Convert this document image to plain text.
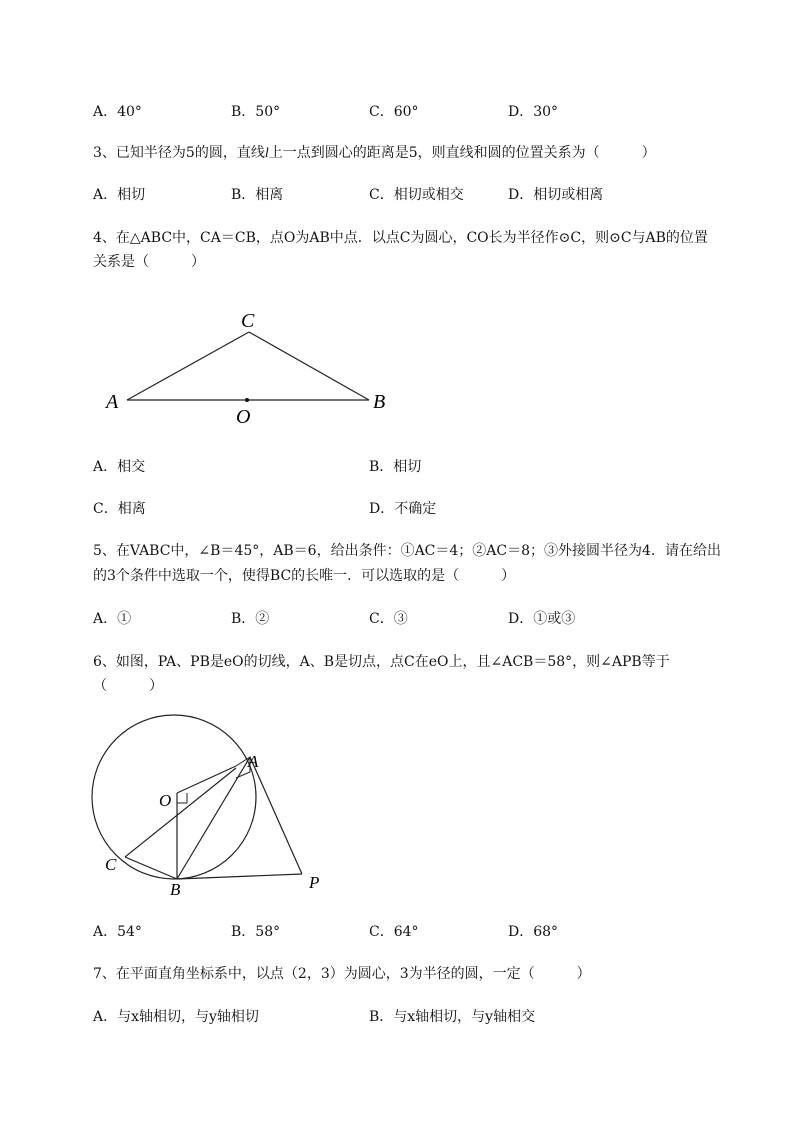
A．40°	B．50°	C．60°	D．30°
3、已知半径为5的圆，直线l上一点到圆心的距离是5，则直线和圆的位置关系为（　　　）
A．相切	B．相离	C．相切或相交	D．相切或相离
4、在△ABC中，CA＝CB，点O为AB中点．以点C为圆心，CO长为半径作⊙C，则⊙C与AB的位置
关系是（　　　）
C
A	B
O
A．相交	B．相切
C．相离	D．不确定
5、在VABC中，∠B＝45°，AB＝6，给出条件：①AC＝4；②AC＝8；③外接圆半径为4．请在给出
的3个条件中选取一个，使得BC的长唯一．可以选取的是（　　　）
A．①	B．②	C．③	D．①或③
6、如图，PA、PB是eO的切线，A、B是切点，点C在eO上，且∠ACB＝58°，则∠APB等于
（　　　）
A
O
C
B	P
A．54°	B．58°	C．64°	D．68°
7、在平面直角坐标系中，以点（2，3）为圆心，3为半径的圆，一定（　　　）
A．与x轴相切，与y轴相切	B．与x轴相切，与y轴相交
